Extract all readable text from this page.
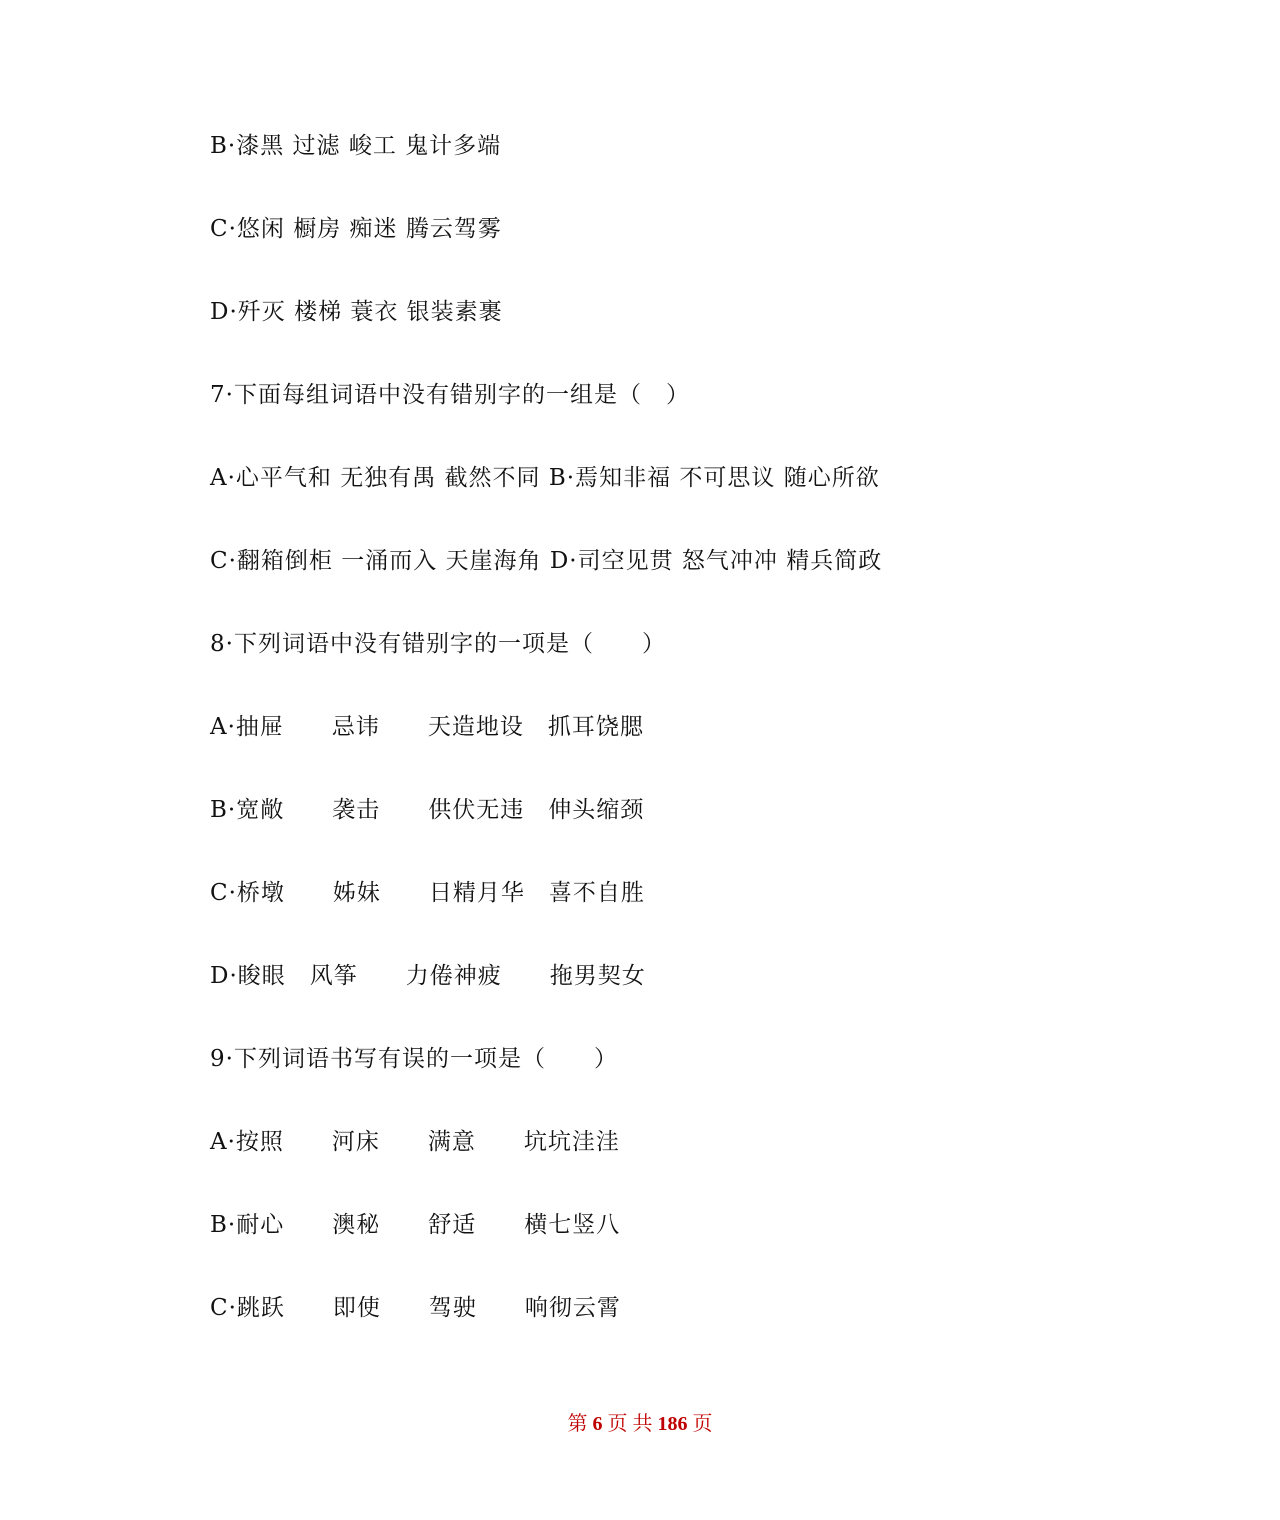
B·漆黑 过滤 峻工 鬼计多端
C·悠闲 橱房 痴迷 腾云驾雾
D·歼灭 楼梯 蓑衣 银装素裹
7·下面每组词语中没有错别字的一组是（　）
A·心平气和 无独有禺 截然不同 B·焉知非福 不可思议 随心所欲
C·翻箱倒柜 一涌而入 天崖海角 D·司空见贯 怒气冲冲 精兵简政
8·下列词语中没有错别字的一项是（　　）
A·抽屉　　忌讳　　天造地设　抓耳饶腮
B·宽敞　　袭击　　供伏无违　伸头缩颈
C·桥墩　　姊妹　　日精月华　喜不自胜
D·睃眼　风筝　　力倦神疲　　拖男契女
9·下列词语书写有误的一项是（　　）
A·按照　　河床　　满意　　坑坑洼洼
B·耐心　　澳秘　　舒适　　横七竖八
C·跳跃　　即使　　驾驶　　响彻云霄
第 6 页 共 186 页
